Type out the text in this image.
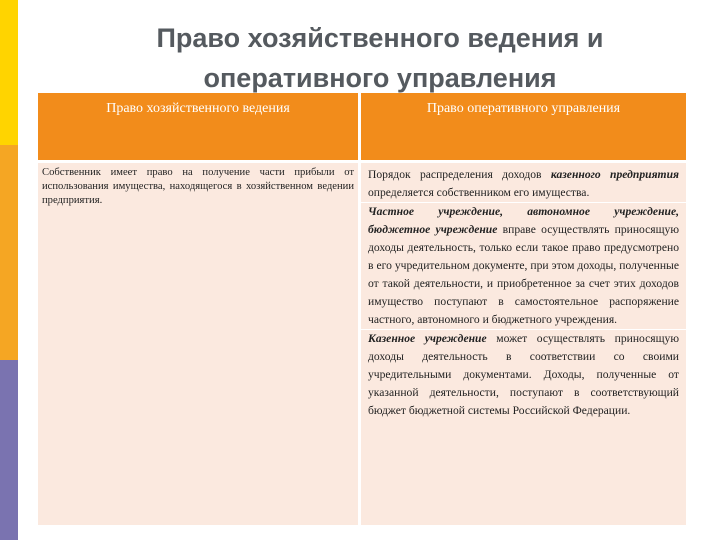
Право хозяйственного ведения и
оперативного управления
Право хозяйственного ведения	Право оперативного управления
Собственник имеет право на получение части прибыли от использования имущества, находящегося в хозяйственном ведении предприятия.
Порядок распределения доходов казенного предприятия определяется собственником его имущества.
Частное учреждение, автономное учреждение, бюджетное учреждение вправе осуществлять приносящую доходы деятельность, только если такое право предусмотрено в его учредительном документе, при этом доходы, полученные от такой деятельности, и приобретенное за счет этих доходов имущество поступают в самостоятельное распоряжение частного, автономного и бюджетного учреждения.
Казенное учреждение может осуществлять приносящую доходы деятельность в соответствии со своими учредительными документами. Доходы, полученные от указанной деятельности, поступают в соответствующий бюджет бюджетной системы Российской Федерации.
